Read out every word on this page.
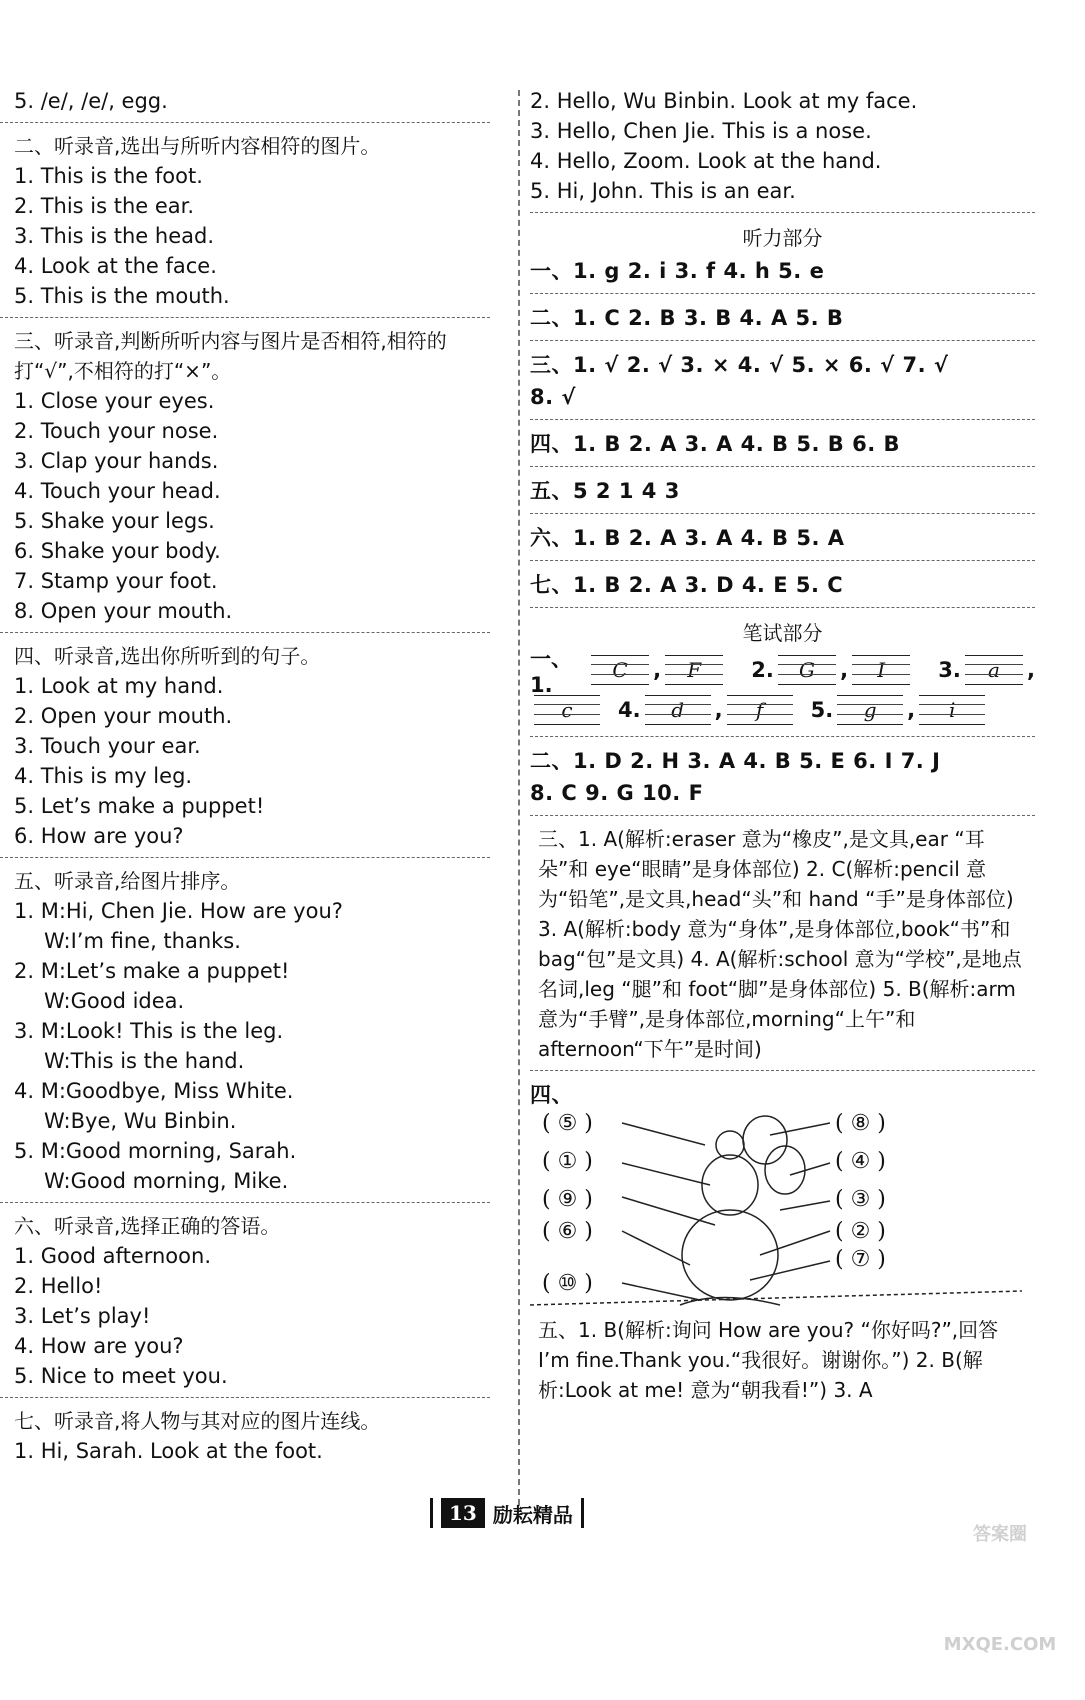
5. /e/, /e/, egg.
二、听录音,选出与所听内容相符的图片。
1. This is the foot.
2. This is the ear.
3. This is the head.
4. Look at the face.
5. This is the mouth.
三、听录音,判断所听内容与图片是否相符,相符的
打“√”,不相符的打“×”。
1. Close your eyes.
2. Touch your nose.
3. Clap your hands.
4. Touch your head.
5. Shake your legs.
6. Shake your body.
7. Stamp your foot.
8. Open your mouth.
四、听录音,选出你所听到的句子。
1. Look at my hand.
2. Open your mouth.
3. Touch your ear.
4. This is my leg.
5. Let’s make a puppet!
6. How are you?
五、听录音,给图片排序。
1. M:Hi, Chen Jie. How are you?
W:I’m fine, thanks.
2. M:Let’s make a puppet!
W:Good idea.
3. M:Look! This is the leg.
W:This is the hand.
4. M:Goodbye, Miss White.
W:Bye, Wu Binbin.
5. M:Good morning, Sarah.
W:Good morning, Mike.
六、听录音,选择正确的答语。
1. Good afternoon.
2. Hello!
3. Let’s play!
4. How are you?
5. Nice to meet you.
七、听录音,将人物与其对应的图片连线。
1. Hi, Sarah. Look at the foot.
2. Hello, Wu Binbin. Look at my face.
3. Hello, Chen Jie. This is a nose.
4. Hello, Zoom. Look at the hand.
5. Hi, John. This is an ear.
听力部分
一、1. g 2. i 3. f 4. h 5. e
二、1. C 2. B 3. B 4. A 5. B
三、1. √ 2. √ 3. × 4. √ 5. × 6. √ 7. √
8. √
四、1. B 2. A 3. A 4. B 5. B 6. B
五、5 2 1 4 3
六、1. B 2. A 3. A 4. B 5. A
七、1. B 2. A 3. D 4. E 5. C
笔试部分
一、1.
C	,	F	2.	G	,	I	3.	a	,
c	4.	d	,	f	5.	g	,	i
二、1. D 2. H 3. A 4. B 5. E 6. I 7. J
8. C 9. G 10. F
三、1. A(解析:eraser 意为“橡皮”,是文具,ear “耳朵”和 eye“眼睛”是身体部位) 2. C(解析:pencil 意为“铅笔”,是文具,head“头”和 hand “手”是身体部位) 3. A(解析:body 意为“身体”,是身体部位,book“书”和 bag“包”是文具) 4. A(解析:school 意为“学校”,是地点名词,leg “腿”和 foot“脚”是身体部位) 5. B(解析:arm 意为“手臂”,是身体部位,morning“上午”和 afternoon“下午”是时间)
四、
( ⑤ )
( ① )
( ⑨ )
( ⑥ )
( ⑩ )
( ⑧ )
( ④ )
( ③ )
( ② )
( ⑦ )
五、1. B(解析:询问 How are you? “你好吗?”,回答 I’m fine.Thank you.“我很好。谢谢你。”) 2. B(解析:Look at me! 意为“朝我看!”) 3. A
13 励耘精品
答案圈 MXQE.COM
